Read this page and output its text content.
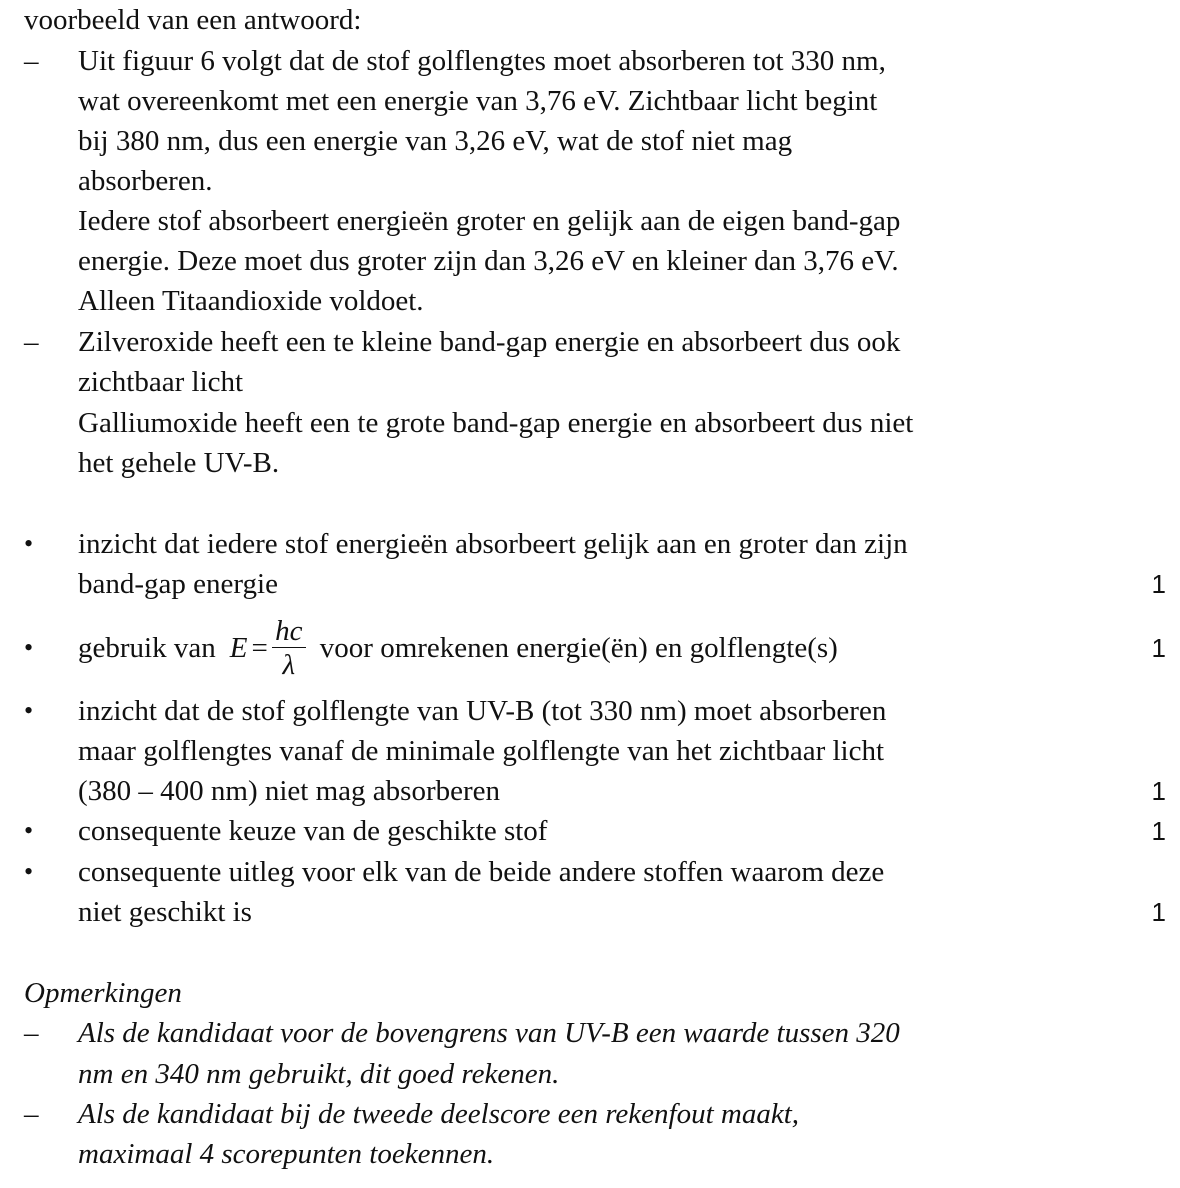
voorbeeld van een antwoord:
– Uit figuur 6 volgt dat de stof golflengtes moet absorberen tot 330 nm,
wat overeenkomt met een energie van 3,76 eV. Zichtbaar licht begint
bij 380 nm, dus een energie van 3,26 eV, wat de stof niet mag
absorberen.
Iedere stof absorbeert energieën groter en gelijk aan de eigen band-gap
energie. Deze moet dus groter zijn dan 3,26 eV en kleiner dan 3,76 eV.
Alleen Titaandioxide voldoet.
– Zilveroxide heeft een te kleine band-gap energie en absorbeert dus ook
zichtbaar licht
Galliumoxide heeft een te grote band-gap energie en absorbeert dus niet
het gehele UV-B.
• inzicht dat iedere stof energieën absorbeert gelijk aan en groter dan zijn
band-gap energie	1
• gebruik van $E = \frac{hc}{\lambda}$ voor omrekenen energie(ën) en golflengte(s)	1
• inzicht dat de stof golflengte van UV-B (tot 330 nm) moet absorberen
maar golflengtes vanaf de minimale golflengte van het zichtbaar licht
(380 – 400 nm) niet mag absorberen	1
• consequente keuze van de geschikte stof	1
• consequente uitleg voor elk van de beide andere stoffen waarom deze
niet geschikt is	1
Opmerkingen
– Als de kandidaat voor de bovengrens van UV-B een waarde tussen 320
nm en 340 nm gebruikt, dit goed rekenen.
– Als de kandidaat bij de tweede deelscore een rekenfout maakt,
maximaal 4 scorepunten toekennen.
